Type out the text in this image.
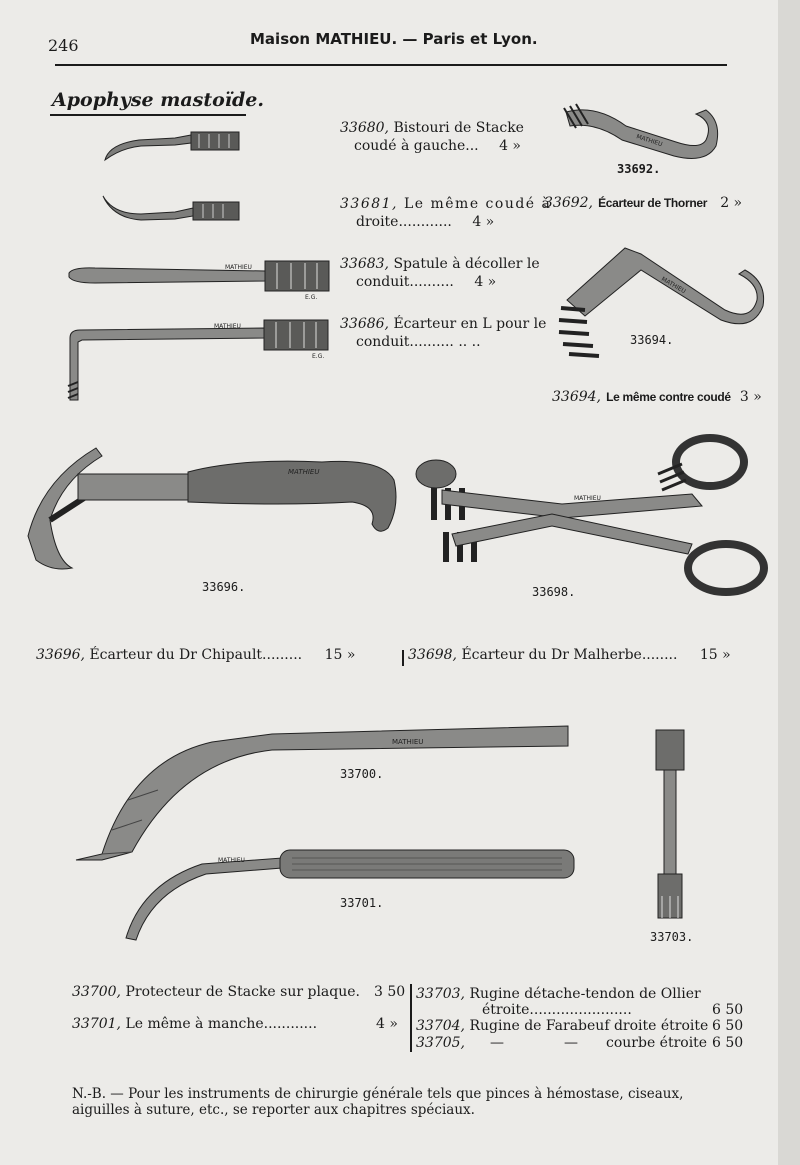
246	Maison MATHIEU. — Paris et Lyon.
Apophyse mastoïde.
MATHIEU
E.G.
MATHIEU
E.G.
33680, Bistouri de Stacke
coudé à gauche... 4 »
33681, Le même coudé à
droite............ 4 »
33683, Spatule à décoller le
conduit.......... 4 »
33686, Écarteur en L pour le
conduit.......... .. ..
MATHIEU
33692.
33692, Écarteur de Thorner 2 »
MATHIEU
33694.
33694, Le même contre coudé 3 »
MATHIEU
33696.
MATHIEU
33698.
33696, Écarteur du Dr Chipault......... 15 »	33698, Écarteur du Dr Malherbe........ 15 »
MATHIEU
33700.
MATHIEU
33701.
33703.
33700, Protecteur de Stacke sur plaque. 3 50
33701, Le même à manche............	4 »
33703, Rugine détache-tendon de Ollier
étroite.......................	6 50
33704, Rugine de Farabeuf droite étroite 6 50
33705, —	— courbe étroite 6 50
N.-B. — Pour les instruments de chirurgie générale tels que pinces à hémostase, ciseaux,
aiguilles à suture, etc., se reporter aux chapitres spéciaux.
